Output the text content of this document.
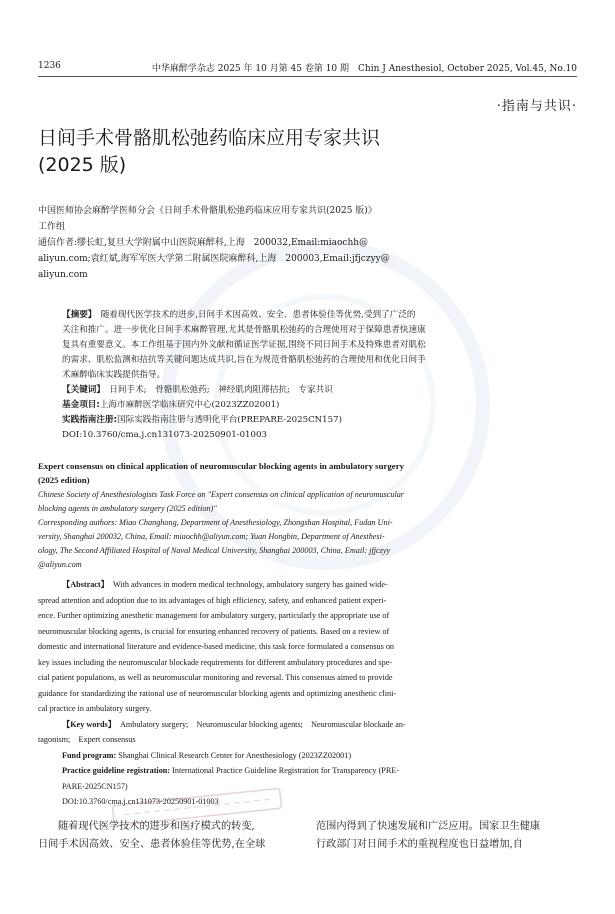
1236	中华麻醉学杂志 2025 年 10 月第 45 卷第 10 期　Chin J Anesthesiol, October 2025, Vol.45, No.10
·指南与共识·
日间手术骨骼肌松弛药临床应用专家共识
(2025 版)
中国医师协会麻醉学医师分会《日间手术骨骼肌松弛药临床应用专家共识(2025 版)》
工作组
通信作者:缪长虹,复旦大学附属中山医院麻醉科,上海　200032,Email:miaochh@
aliyun.com;袁红斌,海军军医大学第二附属医院麻醉科,上海　200003,Email:jfjczyy@
aliyun.com
【摘要】　 随着现代医学技术的进步,日间手术因高效、安全、患者体验佳等优势,受到了广泛的
关注和推广。进一步优化日间手术麻醉管理,尤其是骨骼肌松弛药的合理使用对于保障患者快速康
复具有重要意义。本工作组基于国内外文献和循证医学证据,围绕不同日间手术及特殊患者对肌松
的需求、肌松监测和拮抗等关键问题达成共识,旨在为规范骨骼肌松弛药的合理使用和优化日间手
术麻醉临床实践提供指导。
【关键词】　 日间手术;　骨骼肌松弛药;　神经肌肉阻滞拮抗;　专家共识
基金项目:上海市麻醉医学临床研究中心(2023ZZ02001)
实践指南注册:国际实践指南注册与透明化平台(PREPARE-2025CN157)
DOI:10.3760/cma.j.cn131073-20250901-01003
Expert consensus on clinical application of neuromuscular blocking agents in ambulatory surgery
(2025 edition)
Chinese Society of Anesthesiologists Task Force on "Expert consensus on clinical application of neuromuscular
blocking agents in ambulatory surgery (2025 edition)"
Corresponding authors: Miao Changhong, Department of Anesthesiology, Zhongshan Hospital, Fudan Uni-
versity, Shanghai 200032, China, Email: miaochh@aliyun.com; Yuan Hongbin, Department of Anesthesi-
ology, The Second Affiliated Hospital of Naval Medical University, Shanghai 200003, China, Email: jfjczyy
@aliyun.com
【Abstract】　 With advances in modern medical technology, ambulatory surgery has gained wide-
spread attention and adoption due to its advantages of high efficiency, safety, and enhanced patient experi-
ence. Further optimizing anesthetic management for ambulatory surgery, particularly the appropriate use of
neuromuscular blocking agents, is crucial for ensuring enhanced recovery of patients. Based on a review of
domestic and international literature and evidence-based medicine, this task force formulated a consensus on
key issues including the neuromuscular blockade requirements for different ambulatory procedures and spe-
cial patient populations, as well as neuromuscular monitoring and reversal. This consensus aimed to provide
guidance for standardizing the rational use of neuromuscular blocking agents and optimizing anesthetic clini-
cal practice in ambulatory surgery.
【Key words】　 Ambulatory surgery;　Neuromuscular blocking agents;　Neuromuscular blockade an-
tagonism;　Expert consensus
Fund program: Shanghai Clinical Research Center for Anesthesiology (2023ZZ02001)
Practice guideline registration: International Practice Guideline Registration for Transparency (PRE-
PARE-2025CN157)
DOI:10.3760/cma.j.cn131073-20250901-01003
随着现代医学技术的进步和医疗模式的转变,
日间手术因高效、安全、患者体验佳等优势,在全球
范围内得到了快速发展和广泛应用。国家卫生健康
行政部门对日间手术的重视程度也日益增加,自
